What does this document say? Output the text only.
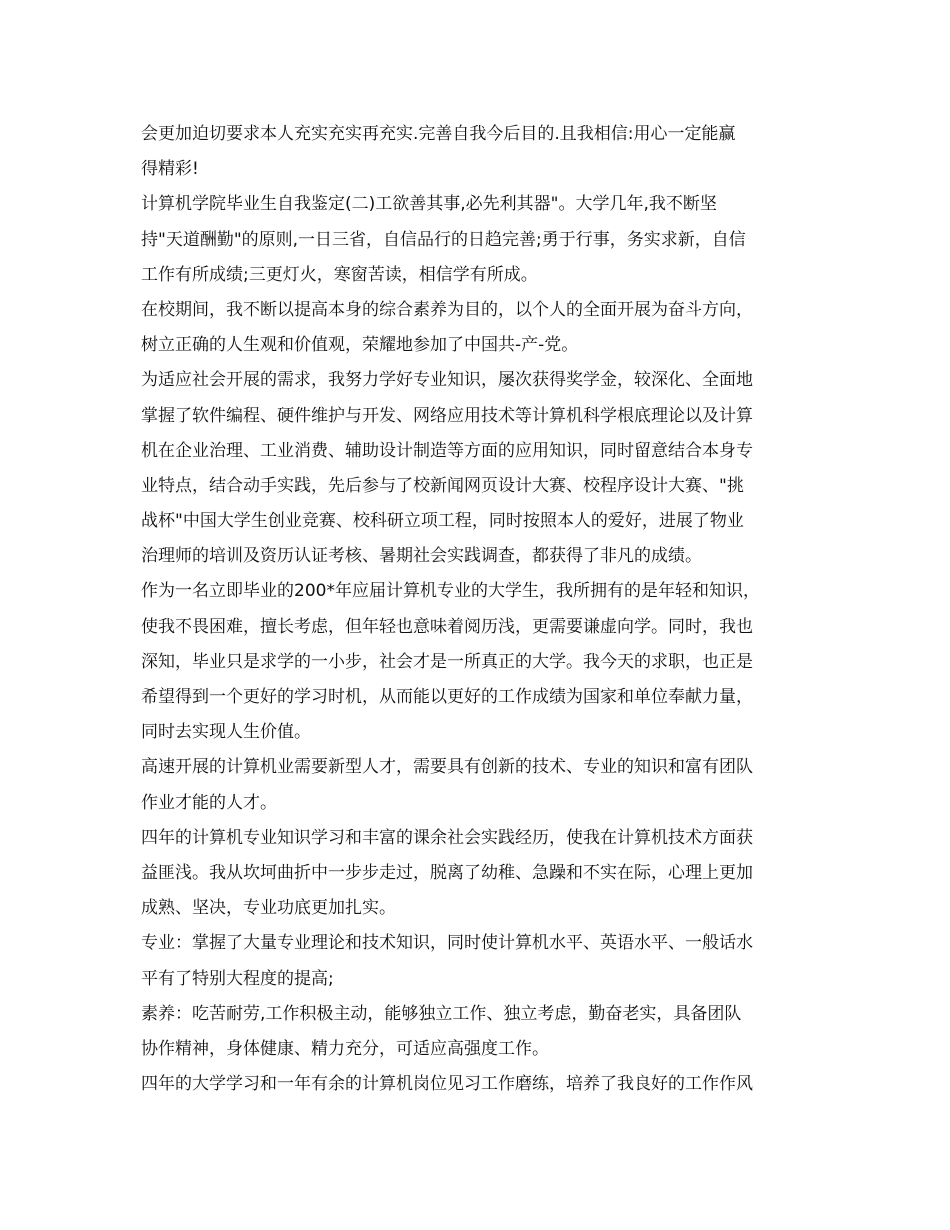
会更加迫切要求本人充实充实再充实.完善自我今后目的.且我相信:用心一定能赢
得精彩!
计算机学院毕业生自我鉴定(二)工欲善其事,必先利其器"。大学几年,我不断坚
持"天道酬勤"的原则,一日三省，自信品行的日趋完善;勇于行事，务实求新，自信
工作有所成绩;三更灯火，寒窗苦读，相信学有所成。
在校期间，我不断以提高本身的综合素养为目的，以个人的全面开展为奋斗方向，
树立正确的人生观和价值观，荣耀地参加了中国共-产-党。
为适应社会开展的需求，我努力学好专业知识，屡次获得奖学金，较深化、全面地
掌握了软件编程、硬件维护与开发、网络应用技术等计算机科学根底理论以及计算
机在企业治理、工业消费、辅助设计制造等方面的应用知识，同时留意结合本身专
业特点，结合动手实践，先后参与了校新闻网页设计大赛、校程序设计大赛、"挑
战杯"中国大学生创业竞赛、校科研立项工程，同时按照本人的爱好，进展了物业
治理师的培训及资历认证考核、暑期社会实践调查，都获得了非凡的成绩。
作为一名立即毕业的200*年应届计算机专业的大学生，我所拥有的是年轻和知识，
使我不畏困难，擅长考虑，但年轻也意味着阅历浅，更需要谦虚向学。同时，我也
深知，毕业只是求学的一小步，社会才是一所真正的大学。我今天的求职，也正是
希望得到一个更好的学习时机，从而能以更好的工作成绩为国家和单位奉献力量，
同时去实现人生价值。
高速开展的计算机业需要新型人才，需要具有创新的技术、专业的知识和富有团队
作业才能的人才。
四年的计算机专业知识学习和丰富的课余社会实践经历，使我在计算机技术方面获
益匪浅。我从坎坷曲折中一步步走过，脱离了幼稚、急躁和不实在际，心理上更加
成熟、坚决，专业功底更加扎实。
专业：掌握了大量专业理论和技术知识，同时使计算机水平、英语水平、一般话水
平有了特别大程度的提高;
素养：吃苦耐劳,工作积极主动，能够独立工作、独立考虑，勤奋老实，具备团队
协作精神，身体健康、精力充分，可适应高强度工作。
四年的大学学习和一年有余的计算机岗位见习工作磨练，培养了我良好的工作作风
